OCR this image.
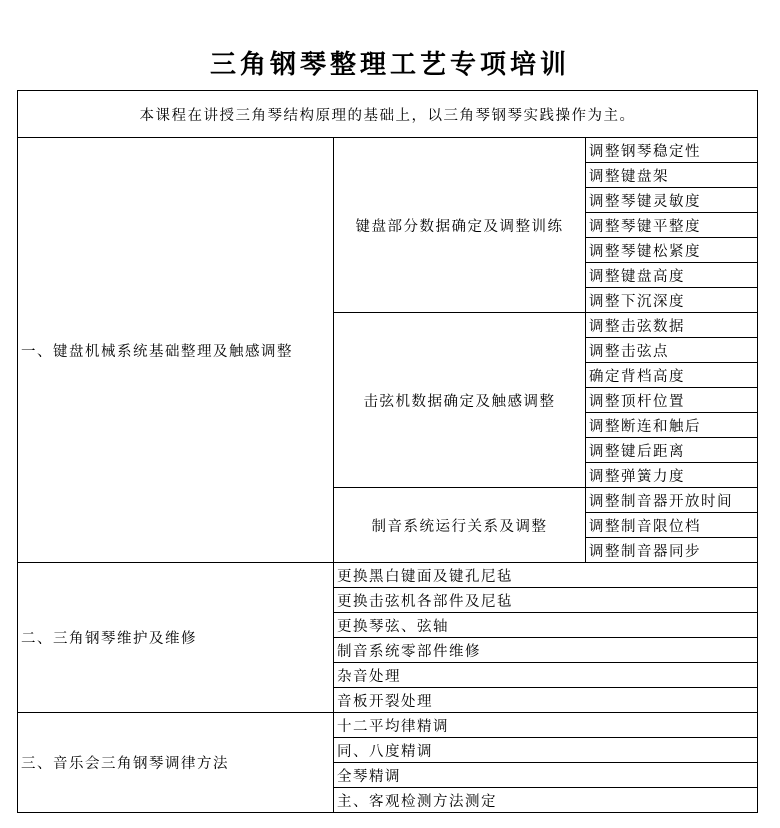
三角钢琴整理工艺专项培训
本课程在讲授三角琴结构原理的基础上，以三角琴钢琴实践操作为主。		
一、键盘机械系统基础整理及触感调整	键盘部分数据确定及调整训练	调整钢琴稳定性
		调整键盘架
		调整琴键灵敏度
		调整琴键平整度
		调整琴键松紧度
		调整键盘高度
		调整下沉深度
	击弦机数据确定及触感调整	调整击弦数据
		调整击弦点
		确定背档高度
		调整顶杆位置
		调整断连和触后
		调整键后距离
		调整弹簧力度
	制音系统运行关系及调整	调整制音器开放时间
		调整制音限位档
		调整制音器同步
二、三角钢琴维护及维修	更换黑白键面及键孔尼毡	
	更换击弦机各部件及尼毡	
	更换琴弦、弦轴	
	制音系统零部件维修	
	杂音处理	
	音板开裂处理	
三、音乐会三角钢琴调律方法	十二平均律精调	
	同、八度精调	
	全琴精调	
	主、客观检测方法测定	
